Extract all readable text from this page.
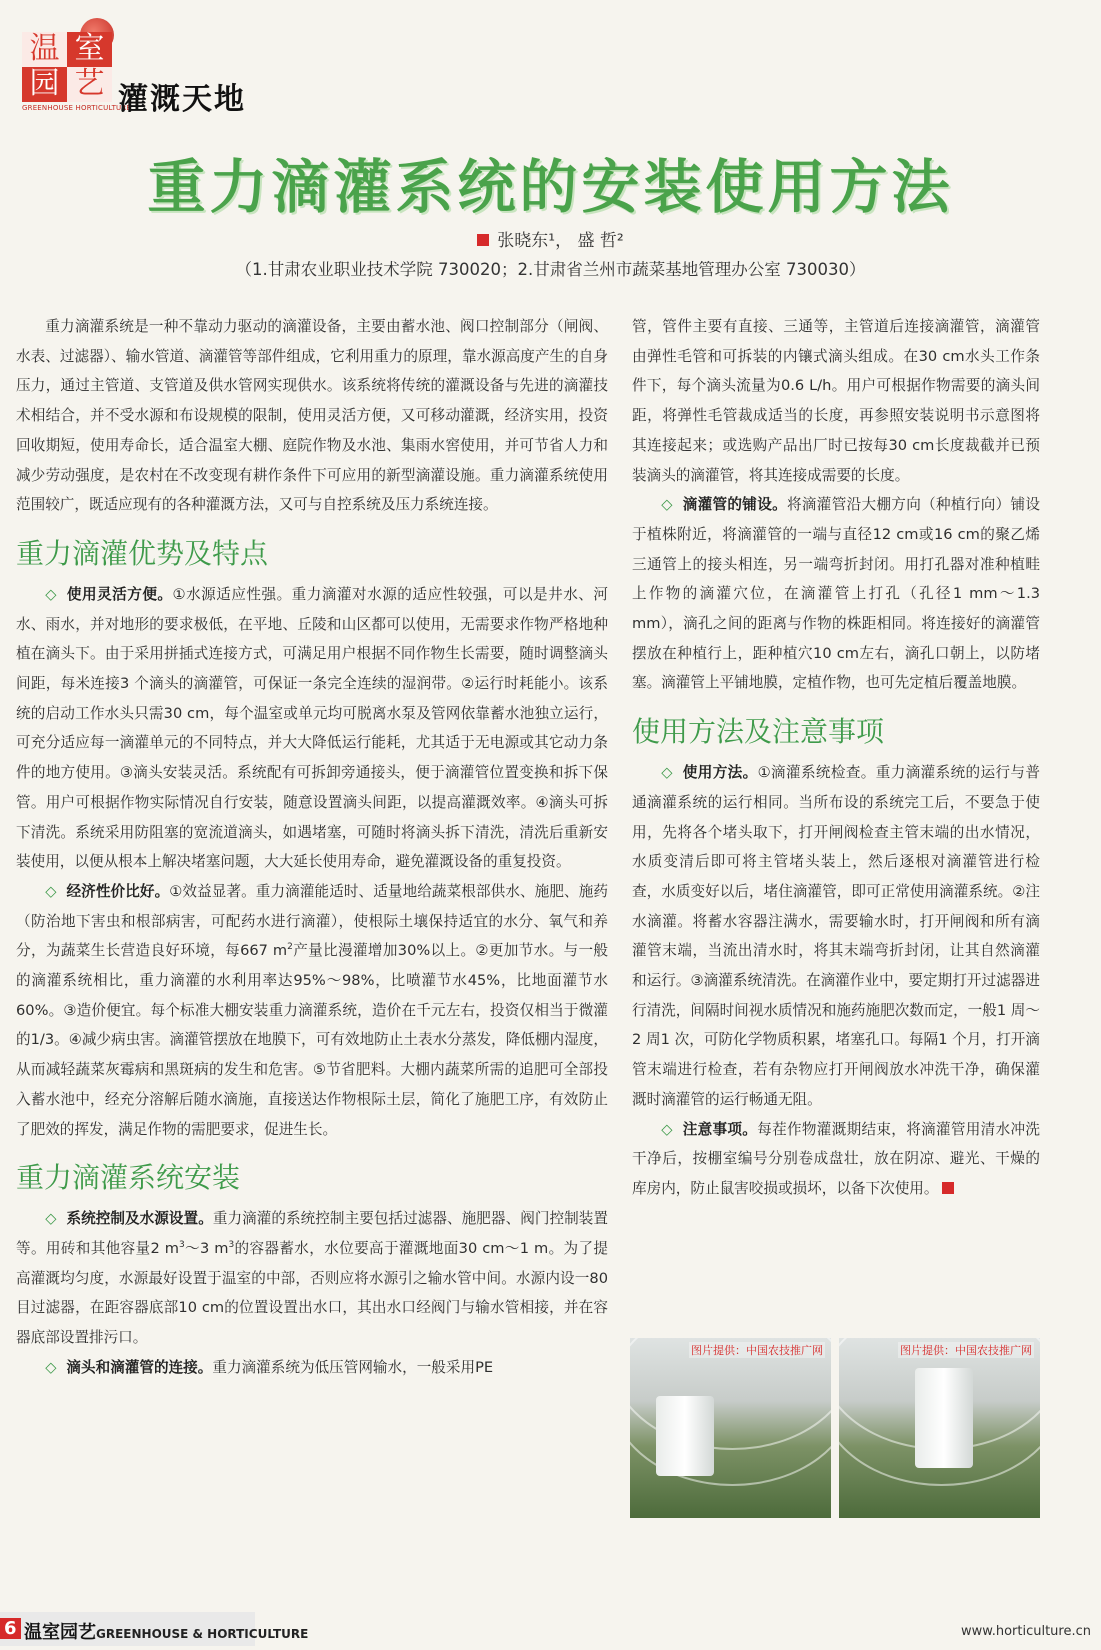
温 室
园 艺
GREENHOUSE HORTICULTURE
灌溉天地
重力滴灌系统的安装使用方法
张晓东¹， 盛 哲²
（1.甘肃农业职业技术学院 730020；2.甘肃省兰州市蔬菜基地管理办公室 730030）

重力滴灌系统是一种不靠动力驱动的滴灌设备，主要由蓄水池、阀口控制部分（闸阀、水表、过滤器）、输水管道、滴灌管等部件组成，它利用重力的原理，靠水源高度产生的自身压力，通过主管道、支管道及供水管网实现供水。该系统将传统的灌溉设备与先进的滴灌技术相结合，并不受水源和布设规模的限制，使用灵活方便，又可移动灌溉，经济实用，投资回收期短，使用寿命长，适合温室大棚、庭院作物及水池、集雨水窖使用，并可节省人力和减少劳动强度，是农村在不改变现有耕作条件下可应用的新型滴灌设施。重力滴灌系统使用范围较广，既适应现有的各种灌溉方法，又可与自控系统及压力系统连接。

重力滴灌优势及特点

◇ 使用灵活方便。①水源适应性强。重力滴灌对水源的适应性较强，可以是井水、河水、雨水，并对地形的要求极低，在平地、丘陵和山区都可以使用，无需要求作物严格地种植在滴头下。由于采用拼插式连接方式，可满足用户根据不同作物生长需要，随时调整滴头间距，每米连接3 个滴头的滴灌管，可保证一条完全连续的湿润带。②运行时耗能小。该系统的启动工作水头只需30 cm，每个温室或单元均可脱离水泵及管网依靠蓄水池独立运行，可充分适应每一滴灌单元的不同特点，并大大降低运行能耗，尤其适于无电源或其它动力条件的地方使用。③滴头安装灵活。系统配有可拆卸旁通接头，便于滴灌管位置变换和拆下保管。用户可根据作物实际情况自行安装，随意设置滴头间距，以提高灌溉效率。④滴头可拆下清洗。系统采用防阻塞的宽流道滴头，如遇堵塞，可随时将滴头拆下清洗，清洗后重新安装使用，以便从根本上解决堵塞问题，大大延长使用寿命，避免灌溉设备的重复投资。

◇ 经济性价比好。①效益显著。重力滴灌能适时、适量地给蔬菜根部供水、施肥、施药（防治地下害虫和根部病害，可配药水进行滴灌），使根际土壤保持适宜的水分、氧气和养分，为蔬菜生长营造良好环境，每667 $m^2$产量比漫灌增加30%以上。②更加节水。与一般的滴灌系统相比，重力滴灌的水利用率达95%～98%，比喷灌节水45%，比地面灌节水60%。③造价便宜。每个标准大棚安装重力滴灌系统，造价在千元左右，投资仅相当于微灌的1/3。④减少病虫害。滴灌管摆放在地膜下，可有效地防止土表水分蒸发，降低棚内湿度，从而减轻蔬菜灰霉病和黑斑病的发生和危害。⑤节省肥料。大棚内蔬菜所需的追肥可全部投入蓄水池中，经充分溶解后随水滴施，直接送达作物根际土层，简化了施肥工序，有效防止了肥效的挥发，满足作物的需肥要求，促进生长。

重力滴灌系统安装

◇ 系统控制及水源设置。重力滴灌的系统控制主要包括过滤器、施肥器、阀门控制装置等。用砖和其他容量2 $m^3\sim 3$ $m^3$的容器蓄水，水位要高于灌溉地面30 cm～1 m。为了提高灌溉均匀度，水源最好设置于温室的中部，否则应将水源引之输水管中间。水源内设一80 目过滤器，在距容器底部10 cm的位置设置出水口，其出水口经阀门与输水管相接，并在容器底部设置排污口。

◇ 滴头和滴灌管的连接。重力滴灌系统为低压管网输水，一般采用PE

管，管件主要有直接、三通等，主管道后连接滴灌管，滴灌管由弹性毛管和可拆装的内镶式滴头组成。在30 cm水头工作条件下，每个滴头流量为0.6 L/h。用户可根据作物需要的滴头间距，将弹性毛管裁成适当的长度，再参照安装说明书示意图将其连接起来；或选购产品出厂时已按每30 cm长度裁截并已预装滴头的滴灌管，将其连接成需要的长度。

◇ 滴灌管的铺设。将滴灌管沿大棚方向（种植行向）铺设于植株附近，将滴灌管的一端与直径12 cm或16 cm的聚乙烯三通管上的接头相连，另一端弯折封闭。用打孔器对准种植畦上作物的滴灌穴位，在滴灌管上打孔（孔径1 mm～1.3 mm），滴孔之间的距离与作物的株距相同。将连接好的滴灌管摆放在种植行上，距种植穴10 cm左右，滴孔口朝上，以防堵塞。滴灌管上平铺地膜，定植作物，也可先定植后覆盖地膜。

使用方法及注意事项

◇ 使用方法。①滴灌系统检查。重力滴灌系统的运行与普通滴灌系统的运行相同。当所布设的系统完工后，不要急于使用，先将各个堵头取下，打开闸阀检查主管末端的出水情况，水质变清后即可将主管堵头装上，然后逐根对滴灌管进行检查，水质变好以后，堵住滴灌管，即可正常使用滴灌系统。②注水滴灌。将蓄水容器注满水，需要输水时，打开闸阀和所有滴灌管末端，当流出清水时，将其末端弯折封闭，让其自然滴灌和运行。③滴灌系统清洗。在滴灌作业中，要定期打开过滤器进行清洗，间隔时间视水质情况和施药施肥次数而定，一般1 周～2 周1 次，可防化学物质积累，堵塞孔口。每隔1 个月，打开滴管末端进行检查，若有杂物应打开闸阀放水冲洗干净，确保灌溉时滴灌管的运行畅通无阻。

◇ 注意事项。每茬作物灌溉期结束，将滴灌管用清水冲洗干净后，按棚室编号分别卷成盘壮，放在阴凉、避光、干燥的库房内，防止鼠害咬损或损坏，以备下次使用。

图片提供：中国农技推广网	图片提供：中国农技推广网
6 温室园艺GREENHOUSE & HORTICULTURE	www.horticulture.cn
